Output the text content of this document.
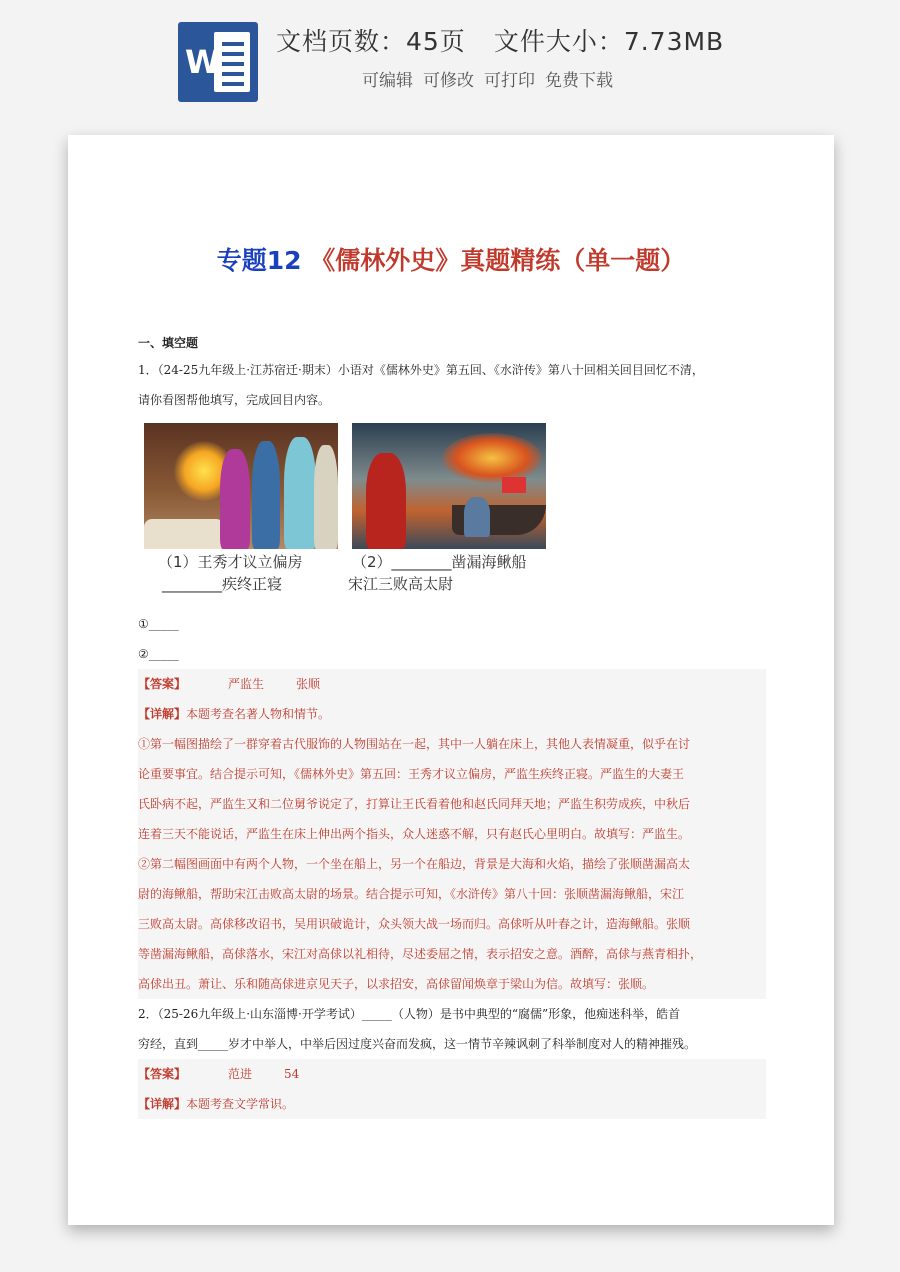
W
文档页数：45页 文件大小：7.73MB
可编辑 可修改 可打印 免费下载
专题12 《儒林外史》真题精练（单一题）
一、填空题

1．（24-25九年级上·江苏宿迁·期末）小语对《儒林外史》第五回、《水浒传》第八十回相关回目回忆不清，

请你看图帮他填写，完成回目内容。

（1）王秀才议立偏房
________疾终正寝
（2）________凿漏海鳅船
宋江三败高太尉

①_____

②_____

【答案】	严监生	张顺

【详解】本题考查名著人物和情节。

①第一幅图描绘了一群穿着古代服饰的人物围站在一起，其中一人躺在床上，其他人表情凝重，似乎在讨

论重要事宜。结合提示可知，《儒林外史》第五回：王秀才议立偏房，严监生疾终正寝。严监生的大妻王

氏卧病不起，严监生又和二位舅爷说定了，打算让王氏看着他和赵氏同拜天地；严监生积劳成疾，中秋后

连着三天不能说话，严监生在床上伸出两个指头，众人迷惑不解，只有赵氏心里明白。故填写：严监生。

②第二幅图画面中有两个人物，一个坐在船上，另一个在船边，背景是大海和火焰，描绘了张顺凿漏高太

尉的海鳅船，帮助宋江击败高太尉的场景。结合提示可知，《水浒传》第八十回：张顺凿漏海鳅船，宋江

三败高太尉。高俅移改诏书，吴用识破诡计，众头领大战一场而归。高俅听从叶春之计，造海鳅船。张顺

等凿漏海鳅船，高俅落水，宋江对高俅以礼相待，尽述委屈之情，表示招安之意。酒醉，高俅与燕青相扑，

高俅出丑。萧让、乐和随高俅进京见天子，以求招安，高俅留闻焕章于梁山为信。故填写：张顺。

2．（25-26九年级上·山东淄博·开学考试）_____（人物）是书中典型的“腐儒”形象，他痴迷科举，皓首

穷经，直到_____岁才中举人，中举后因过度兴奋而发疯，这一情节辛辣讽刺了科举制度对人的精神摧残。

【答案】	范进	54

【详解】本题考查文学常识。
